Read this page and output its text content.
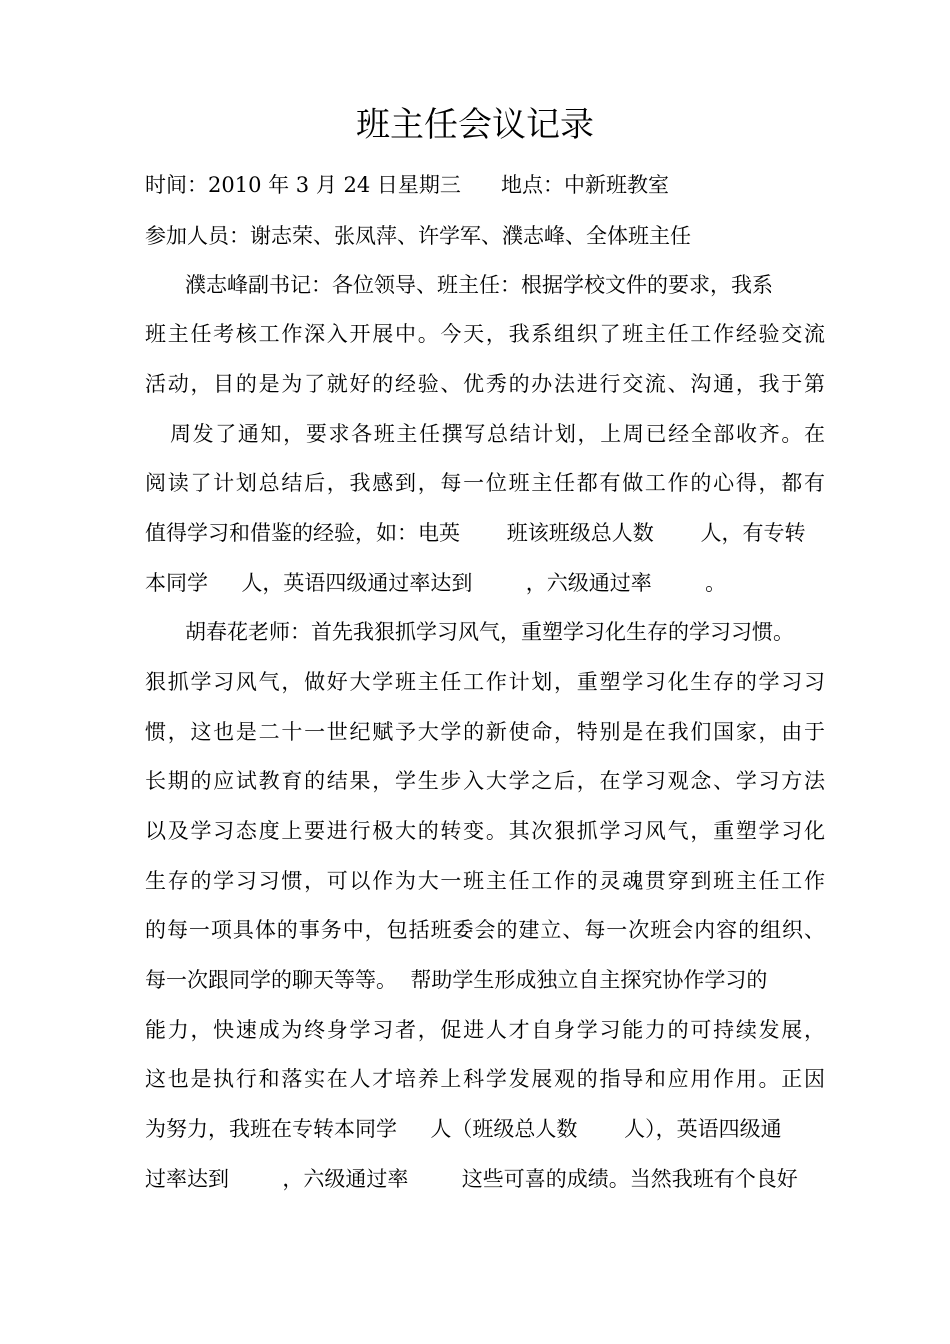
班主任会议记录

时间：2010 年 3 月 24 日星期三      地点：中新班教室

参加人员：谢志荣、张凤萍、许学军、濮志峰、全体班主任

濮志峰副书记：各位领导、班主任：根据学校文件的要求，我系

班主任考核工作深入开展中。今天，我系组织了班主任工作经验交流

活动，目的是为了就好的经验、优秀的办法进行交流、沟通，我于第

周发了通知，要求各班主任撰写总结计划，上周已经全部收齐。在

阅读了计划总结后，我感到，每一位班主任都有做工作的心得，都有

值得学习和借鉴的经验，如：电英       班该班级总人数       人，有专转

本同学     人，英语四级通过率达到        ，六级通过率        。

胡春花老师：首先我狠抓学习风气，重塑学习化生存的学习习惯。

狠抓学习风气，做好大学班主任工作计划，重塑学习化生存的学习习

惯，这也是二十一世纪赋予大学的新使命，特别是在我们国家，由于

长期的应试教育的结果，学生步入大学之后，在学习观念、学习方法

以及学习态度上要进行极大的转变。其次狠抓学习风气，重塑学习化

生存的学习习惯，可以作为大一班主任工作的灵魂贯穿到班主任工作

的每一项具体的事务中，包括班委会的建立、每一次班会内容的组织、

每一次跟同学的聊天等等。  帮助学生形成独立自主探究协作学习的

能力，快速成为终身学习者，促进人才自身学习能力的可持续发展，

这也是执行和落实在人才培养上科学发展观的指导和应用作用。正因

为努力，我班在专转本同学     人（班级总人数       人），英语四级通

过率达到        ，六级通过率        这些可喜的成绩。当然我班有个良好
